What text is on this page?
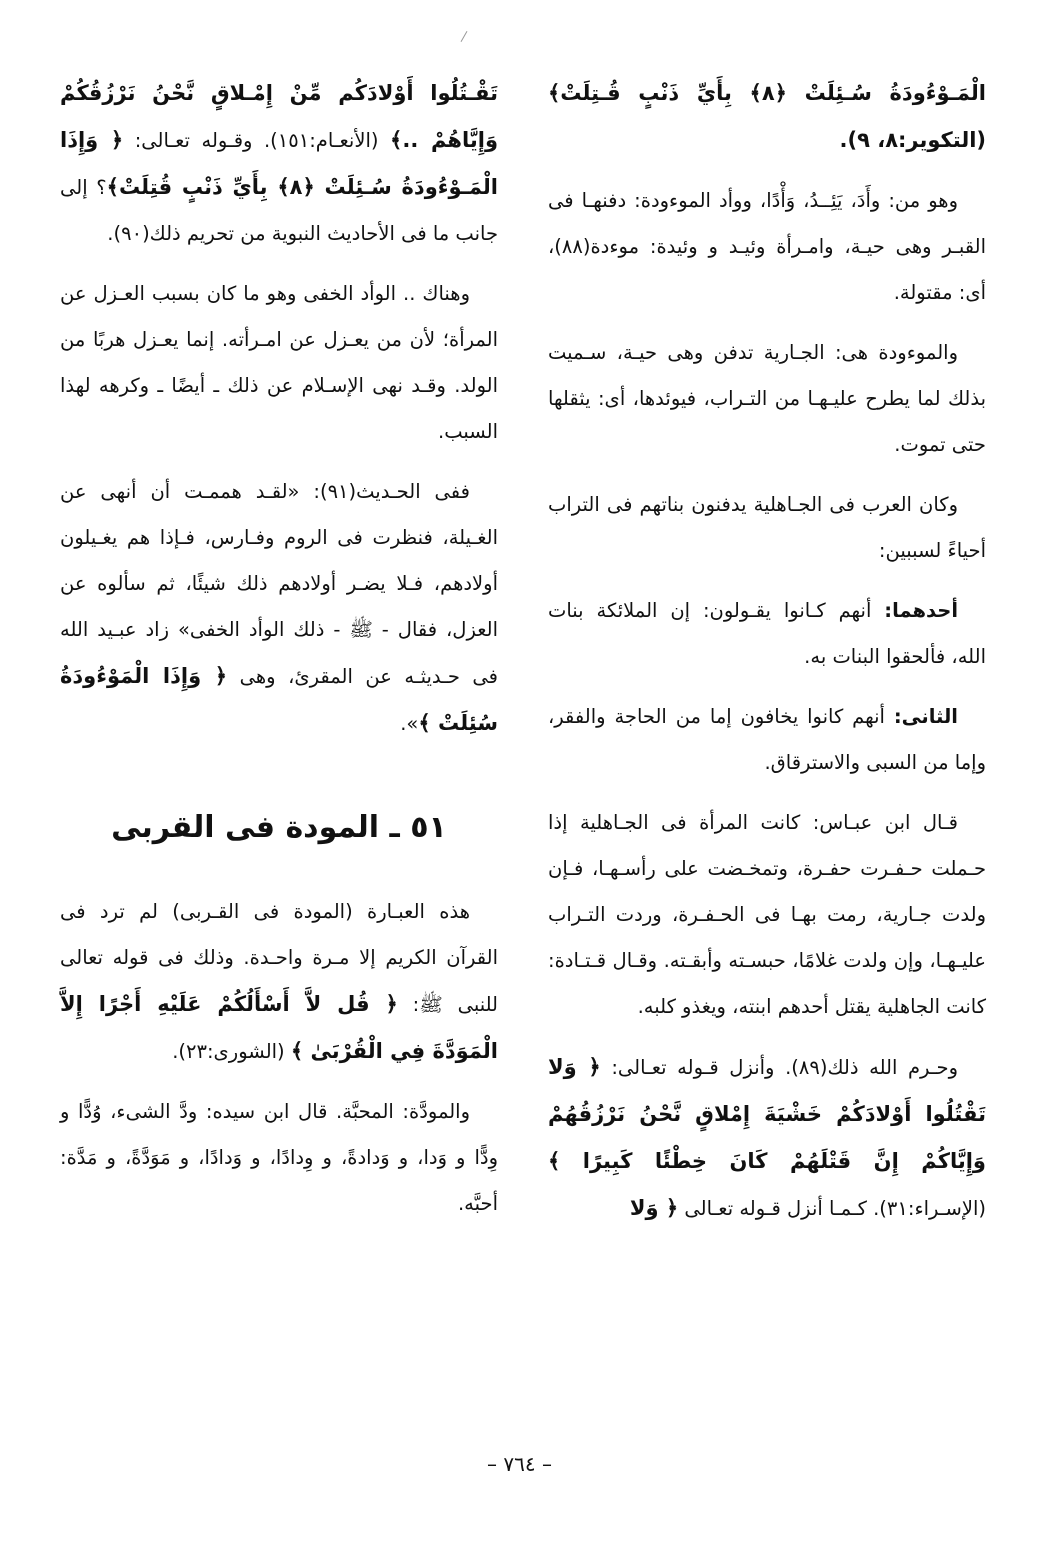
الْمَـوْءُودَةُ سُـئِلَتْ ﴿٨﴾ بِأَيِّ ذَنْبٍ قُـتِلَتْ﴾ (التكوير:٨، ٩).

وهو من: وأَدَ، يَئِــدُ، وَأْدًا، ووأد الموءودة: دفنهـا فى القبـر وهى حيـة، وامـرأة وئيـد و وئيدة: موءدة(٨٨)، أى: مقتولة.

والموءودة هى: الجـارية تدفن وهى حيـة، سـميت بذلك لما يطرح عليـهـا من التـراب، فيوئدها، أى: يثقلها حتى تموت.

وكان العرب فى الجـاهلية يدفنون بناتهم فى التراب أحياءً لسببين:

أحدهما: أنهم كـانوا يقـولون: إن الملائكة بنات الله، فألحقوا البنات به.

الثانى: أنهم كانوا يخافون إما من الحاجة والفقر، وإما من السبى والاسترقاق.

قـال ابن عبـاس: كانت المرأة فى الجـاهلية إذا حـملت حـفـرت حفـرة، وتمخـضت على رأسـهـا، فـإن ولدت جـارية، رمت بهـا فى الحـفـرة، وردت التـراب عليـهـا، وإن ولدت غلامًا، حبسـته وأبقـته. وقـال قـتـادة: كانت الجاهلية يقتل أحدهم ابنته، ويغذو كلبه.

وحـرم الله ذلك(٨٩). وأنزل قـوله تعـالى: ﴿ وَلا تَقْتُلُوا أَوْلادَكُمْ خَشْيَةَ إِمْلاقٍ نَّحْنُ نَرْزُقُهُمْ وَإِيَّاكُمْ إِنَّ قَتْلَهُمْ كَانَ خِطْئًا كَبِيرًا ﴾ (الإسـراء:٣١). كـمـا أنزل قـوله تعـالى ﴿ وَلا

تَقْـتُلُوا أَوْلادَكُم مِّنْ إِمْـلاقٍ نَّحْنُ نَرْزُقُكُمْ وَإِيَّاهُمْ ..﴾ (الأنعـام:١٥١). وقـوله تعـالى: ﴿ وَإِذَا الْمَـوْءُودَةُ سُـئِلَتْ ﴿٨﴾ بِأَيِّ ذَنْبٍ قُتِلَتْ﴾؟ إلى جانب ما فى الأحاديث النبوية من تحريم ذلك(٩٠).

وهناك .. الوأد الخفى وهو ما كان بسبب العـزل عن المرأة؛ لأن من يعـزل عن امـرأته. إنما يعـزل هربًا من الولد. وقـد نهى الإسـلام عن ذلك ـ أيضًا ـ وكرهه لهذا السبب.

ففى الحـديث(٩١): «لقـد هممـت أن أنهى عن الغـيلة، فنظرت فى الروم وفـارس، فـإذا هم يغـيلون أولادهم، فـلا يضـر أولادهم ذلك شيئًا، ثم سألوه عن العزل، فقال - ﷺ - ذلك الوأد الخفى» زاد عبـيد الله فى حـديثـه عن المقرئ، وهى ﴿ وَإِذَا الْمَوْءُودَةُ سُئِلَتْ ﴾».

٥١ ـ المودة فى القربى

هذه العبـارة (المودة فى القـربى) لم ترد فى القرآن الكريم إلا مـرة واحـدة. وذلك فى قوله تعالى للنبى ﷺ: ﴿ قُل لاَّ أَسْأَلُكُمْ عَلَيْهِ أَجْرًا إِلاَّ الْمَوَدَّةَ فِي الْقُرْبَىٰ ﴾ (الشورى:٢٣).

والمودَّة: المحبَّة. قال ابن سيده: ودَّ الشىء، وُدًّا و وِدًّا و وَدا، و وَدادةً، و وِدادًا، و وَدادًا، و مَوَدَّةً، و مَدَّة: أحبَّه.

– ٧٦٤ –
